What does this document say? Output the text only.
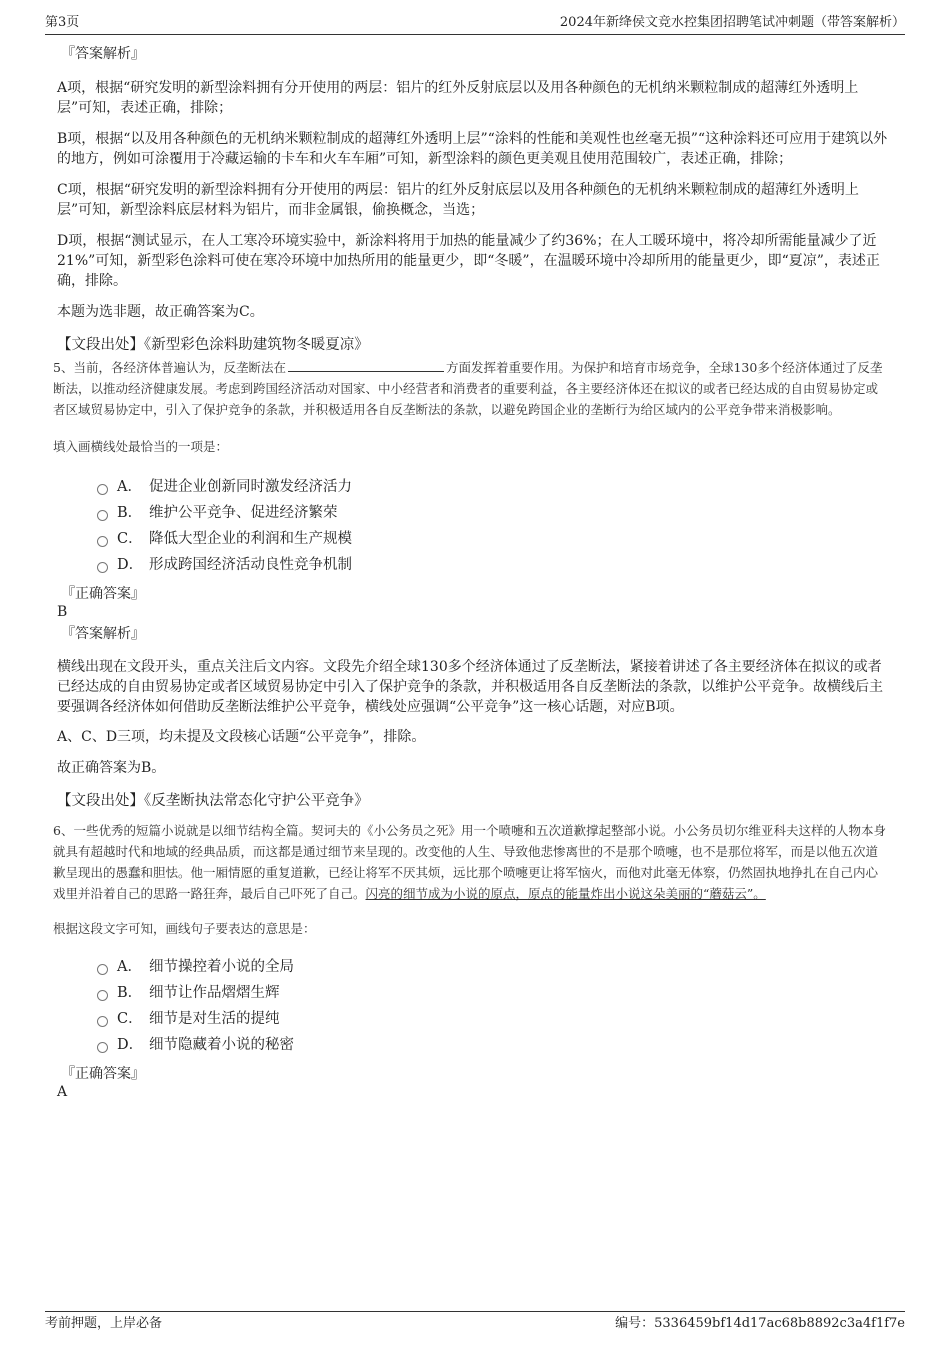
第3页	2024年新绛侯文竞水控集团招聘笔试冲刺题（带答案解析）

『答案解析』

A项，根据“研究发明的新型涂料拥有分开使用的两层：铝片的红外反射底层以及用各种颜色的无机纳米颗粒制成的超薄红外透明上层”可知，表述正确，排除；

B项，根据“以及用各种颜色的无机纳米颗粒制成的超薄红外透明上层”“涂料的性能和美观性也丝毫无损”“这种涂料还可应用于建筑以外的地方，例如可涂覆用于冷藏运输的卡车和火车车厢”可知，新型涂料的颜色更美观且使用范围较广，表述正确，排除；

C项，根据“研究发明的新型涂料拥有分开使用的两层：铝片的红外反射底层以及用各种颜色的无机纳米颗粒制成的超薄红外透明上层”可知，新型涂料底层材料为铝片，而非金属银，偷换概念，当选；

D项，根据“测试显示，在人工寒冷环境实验中，新涂料将用于加热的能量减少了约36%；在人工暖环境中，将冷却所需能量减少了近21%”可知，新型彩色涂料可使在寒冷环境中加热所用的能量更少，即“冬暖”，在温暖环境中冷却所用的能量更少，即“夏凉”，表述正确，排除。

本题为选非题，故正确答案为C。

【文段出处】《新型彩色涂料助建筑物冬暖夏凉》

5、当前，各经济体普遍认为，反垄断法在	方面发挥着重要作用。为保护和培育市场竞争，全球130多个经济体通过了反垄断法，以推动经济健康发展。考虑到跨国经济活动对国家、中小经营者和消费者的重要利益，各主要经济体还在拟议的或者已经达成的自由贸易协定或者区域贸易协定中，引入了保护竞争的条款，并积极适用各自反垄断法的条款，以避免跨国企业的垄断行为给区域内的公平竞争带来消极影响。

填入画横线处最恰当的一项是：

A． 促进企业创新同时激发经济活力
B． 维护公平竞争、促进经济繁荣
C． 降低大型企业的利润和生产规模
D． 形成跨国经济活动良性竞争机制

『正确答案』

B

『答案解析』

横线出现在文段开头，重点关注后文内容。文段先介绍全球130多个经济体通过了反垄断法，紧接着讲述了各主要经济体在拟议的或者已经达成的自由贸易协定或者区域贸易协定中引入了保护竞争的条款，并积极适用各自反垄断法的条款，以维护公平竞争。故横线后主要强调各经济体如何借助反垄断法维护公平竞争，横线处应强调“公平竞争”这一核心话题，对应B项。

A、C、D三项，均未提及文段核心话题“公平竞争”，排除。

故正确答案为B。

【文段出处】《反垄断执法常态化守护公平竞争》

6、一些优秀的短篇小说就是以细节结构全篇。契诃夫的《小公务员之死》用一个喷嚏和五次道歉撑起整部小说。小公务员切尔维亚科夫这样的人物本身就具有超越时代和地域的经典品质，而这都是通过细节来呈现的。改变他的人生、导致他悲惨离世的不是那个喷嚏，也不是那位将军，而是以他五次道歉呈现出的愚蠢和胆怯。他一厢情愿的重复道歉，已经让将军不厌其烦，远比那个喷嚏更让将军恼火，而他对此毫无体察，仍然固执地挣扎在自己内心戏里并沿着自己的思路一路狂奔，最后自己吓死了自己。闪亮的细节成为小说的原点，原点的能量炸出小说这朵美丽的“蘑菇云”。

根据这段文字可知，画线句子要表达的意思是：

A． 细节操控着小说的全局
B． 细节让作品熠熠生辉
C． 细节是对生活的提纯
D． 细节隐藏着小说的秘密

『正确答案』

A

考前押题，上岸必备	编号：5336459bf14d17ac68b8892c3a4f1f7e
